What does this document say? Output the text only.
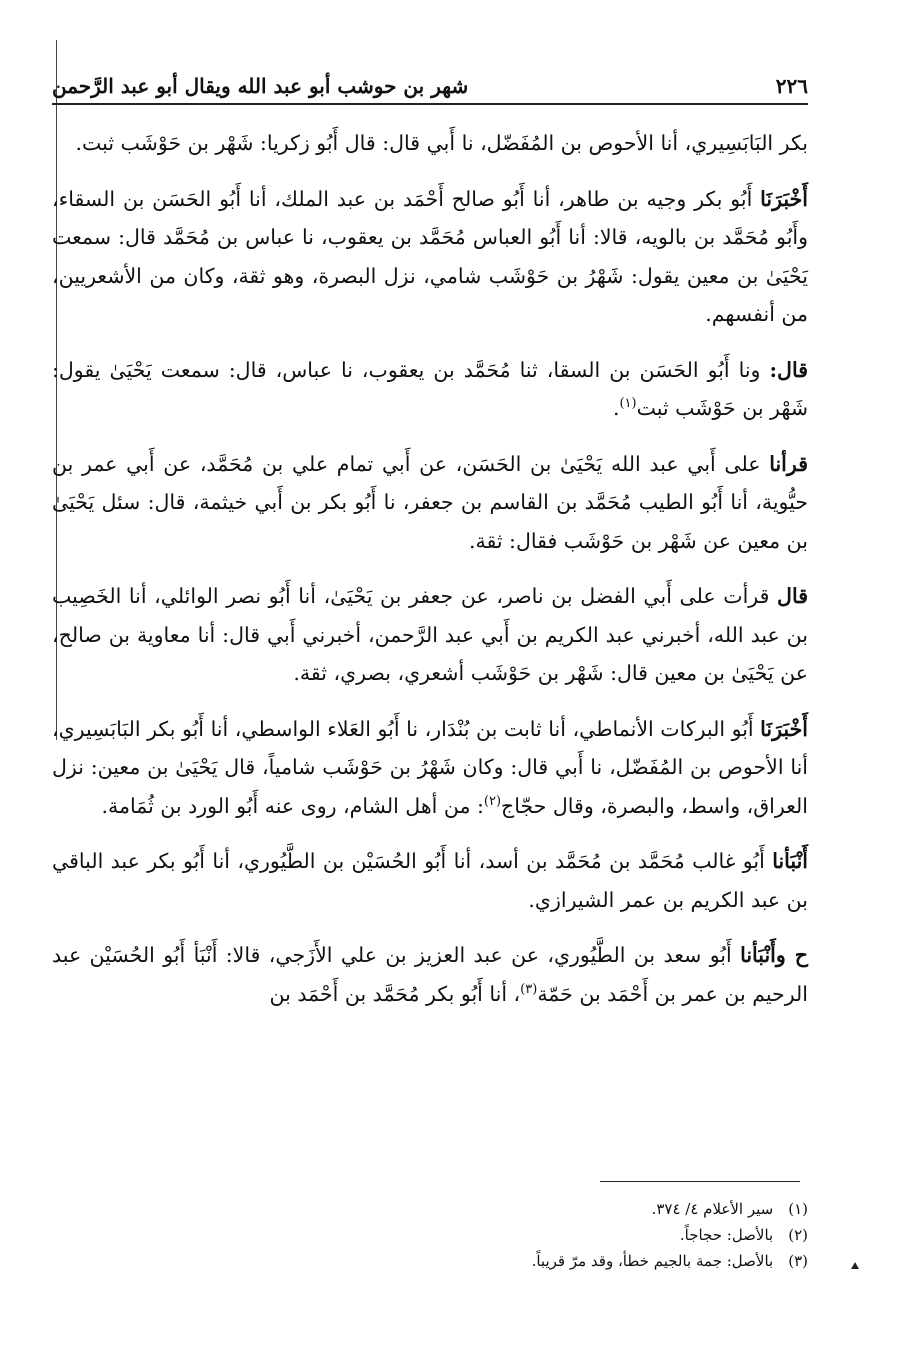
٢٢٦
شهر بن حوشب أبو عبد الله ويقال أبو عبد الرَّحمن

بكر البَابَسِيري، أنا الأحوص بن المُفَضّل، نا أَبي قال: قال أَبُو زكريا: شَهْر بن حَوْشَب ثبت.

أَخْبَرَنَا أَبُو بكر وجيه بن طاهر، أنا أَبُو صالح أَحْمَد بن عبد الملك، أنا أَبُو الحَسَن بن السقاء، وأَبُو مُحَمَّد بن بالويه، قالا: أنا أَبُو العباس مُحَمَّد بن يعقوب، نا عباس بن مُحَمَّد قال: سمعت يَحْيَىٰ بن معين يقول: شَهْرُ بن حَوْشَب شامي، نزل البصرة، وهو ثقة، وكان من الأشعريين، من أنفسهم.

قال: ونا أَبُو الحَسَن بن السقا، ثنا مُحَمَّد بن يعقوب، نا عباس، قال: سمعت يَحْيَىٰ يقول: شَهْر بن حَوْشَب ثبت$^{(١)}$.

قرأنا على أَبي عبد الله يَحْيَىٰ بن الحَسَن، عن أَبي تمام علي بن مُحَمَّد، عن أَبي عمر بن حيُّوية، أنا أَبُو الطيب مُحَمَّد بن القاسم بن جعفر، نا أَبُو بكر بن أَبي خيثمة، قال: سئل يَحْيَىٰ بن معين عن شَهْر بن حَوْشَب فقال: ثقة.

قال قرأت على أَبي الفضل بن ناصر، عن جعفر بن يَحْيَىٰ، أنا أَبُو نصر الوائلي، أنا الخَصِيب بن عبد الله، أخبرني عبد الكريم بن أَبي عبد الرَّحمن، أخبرني أَبي قال: أنا معاوية بن صالح، عن يَحْيَىٰ بن معين قال: شَهْر بن حَوْشَب أشعري، بصري، ثقة.

أَخْبَرَنَا أَبُو البركات الأنماطي، أنا ثابت بن بُنْدَار، نا أَبُو العَلاء الواسطي، أنا أَبُو بكر البَابَسِيري، أنا الأحوص بن المُفَضّل، نا أَبي قال: وكان شَهْرُ بن حَوْشَب شامياً، قال يَحْيَىٰ بن معين: نزل العراق، واسط، والبصرة، وقال حجّاج$^{(٢)}$: من أهل الشام، روى عنه أَبُو الورد بن ثُمَامة.

أَنْبَأنا أَبُو غالب مُحَمَّد بن مُحَمَّد بن أسد، أنا أَبُو الحُسَيْن بن الطَّيُوري، أنا أَبُو بكر عبد الباقي بن عبد الكريم بن عمر الشيرازي.

ح وأَنْبَأنا أَبُو سعد بن الطَّيُوري، عن عبد العزيز بن علي الأَزَجي، قالا: أَنْبَأ أَبُو الحُسَيْن عبد الرحيم بن عمر بن أَحْمَد بن حَمّة$^{(٣)}$، أنا أَبُو بكر مُحَمَّد بن أَحْمَد بن

(١) سير الأعلام ٤/ ٣٧٤.
(٢) بالأصل: حجاجاً.
(٣) بالأصل: جمة بالجيم خطأ، وقد مرّ قريباً.
